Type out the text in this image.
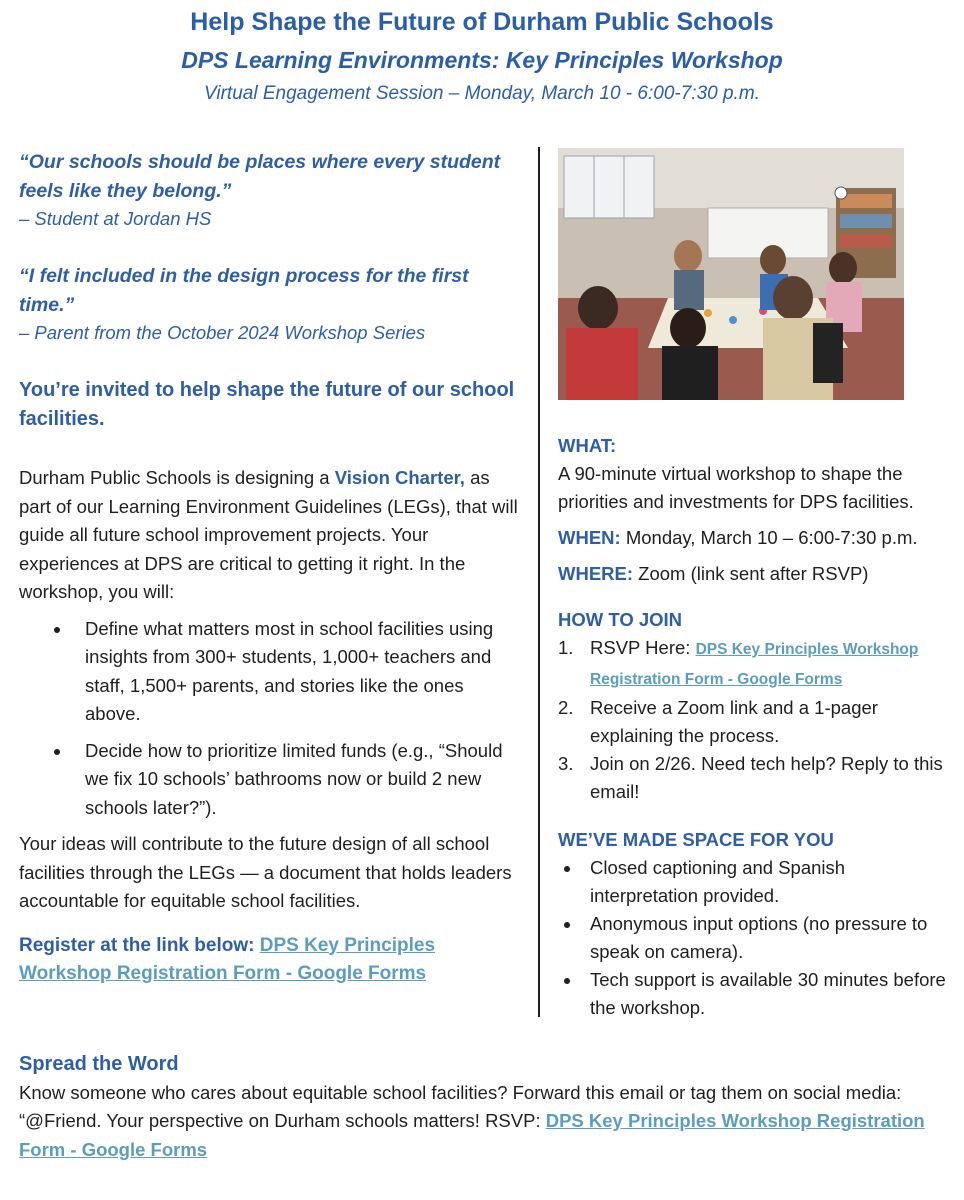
Help Shape the Future of Durham Public Schools
DPS Learning Environments: Key Principles Workshop
Virtual Engagement Session – Monday, March 10 - 6:00-7:30 p.m.
“Our schools should be places where every student feels like they belong.”
– Student at Jordan HS
“I felt included in the design process for the first time.”
– Parent from the October 2024 Workshop Series
You’re invited to help shape the future of our school facilities.
Durham Public Schools is designing a Vision Charter, as part of our Learning Environment Guidelines (LEGs), that will guide all future school improvement projects. Your experiences at DPS are critical to getting it right. In the workshop, you will:
Define what matters most in school facilities using insights from 300+ students, 1,000+ teachers and staff, 1,500+ parents, and stories like the ones above.
Decide how to prioritize limited funds (e.g., “Should we fix 10 schools’ bathrooms now or build 2 new schools later?”).
Your ideas will contribute to the future design of all school facilities through the LEGs — a document that holds leaders accountable for equitable school facilities.
Register at the link below: DPS Key Principles Workshop Registration Form - Google Forms
WHAT:
A 90-minute virtual workshop to shape the priorities and investments for DPS facilities.
WHEN: Monday, March 10 – 6:00-7:30 p.m.
WHERE: Zoom (link sent after RSVP)
HOW TO JOIN
RSVP Here: DPS Key Principles Workshop Registration Form - Google Forms
Receive a Zoom link and a 1-pager explaining the process.
Join on 2/26. Need tech help? Reply to this email!
WE’VE MADE SPACE FOR YOU
Closed captioning and Spanish interpretation provided.
Anonymous input options (no pressure to speak on camera).
Tech support is available 30 minutes before the workshop.
Spread the Word
Know someone who cares about equitable school facilities? Forward this email or tag them on social media: “@Friend. Your perspective on Durham schools matters! RSVP: DPS Key Principles Workshop Registration Form - Google Forms
